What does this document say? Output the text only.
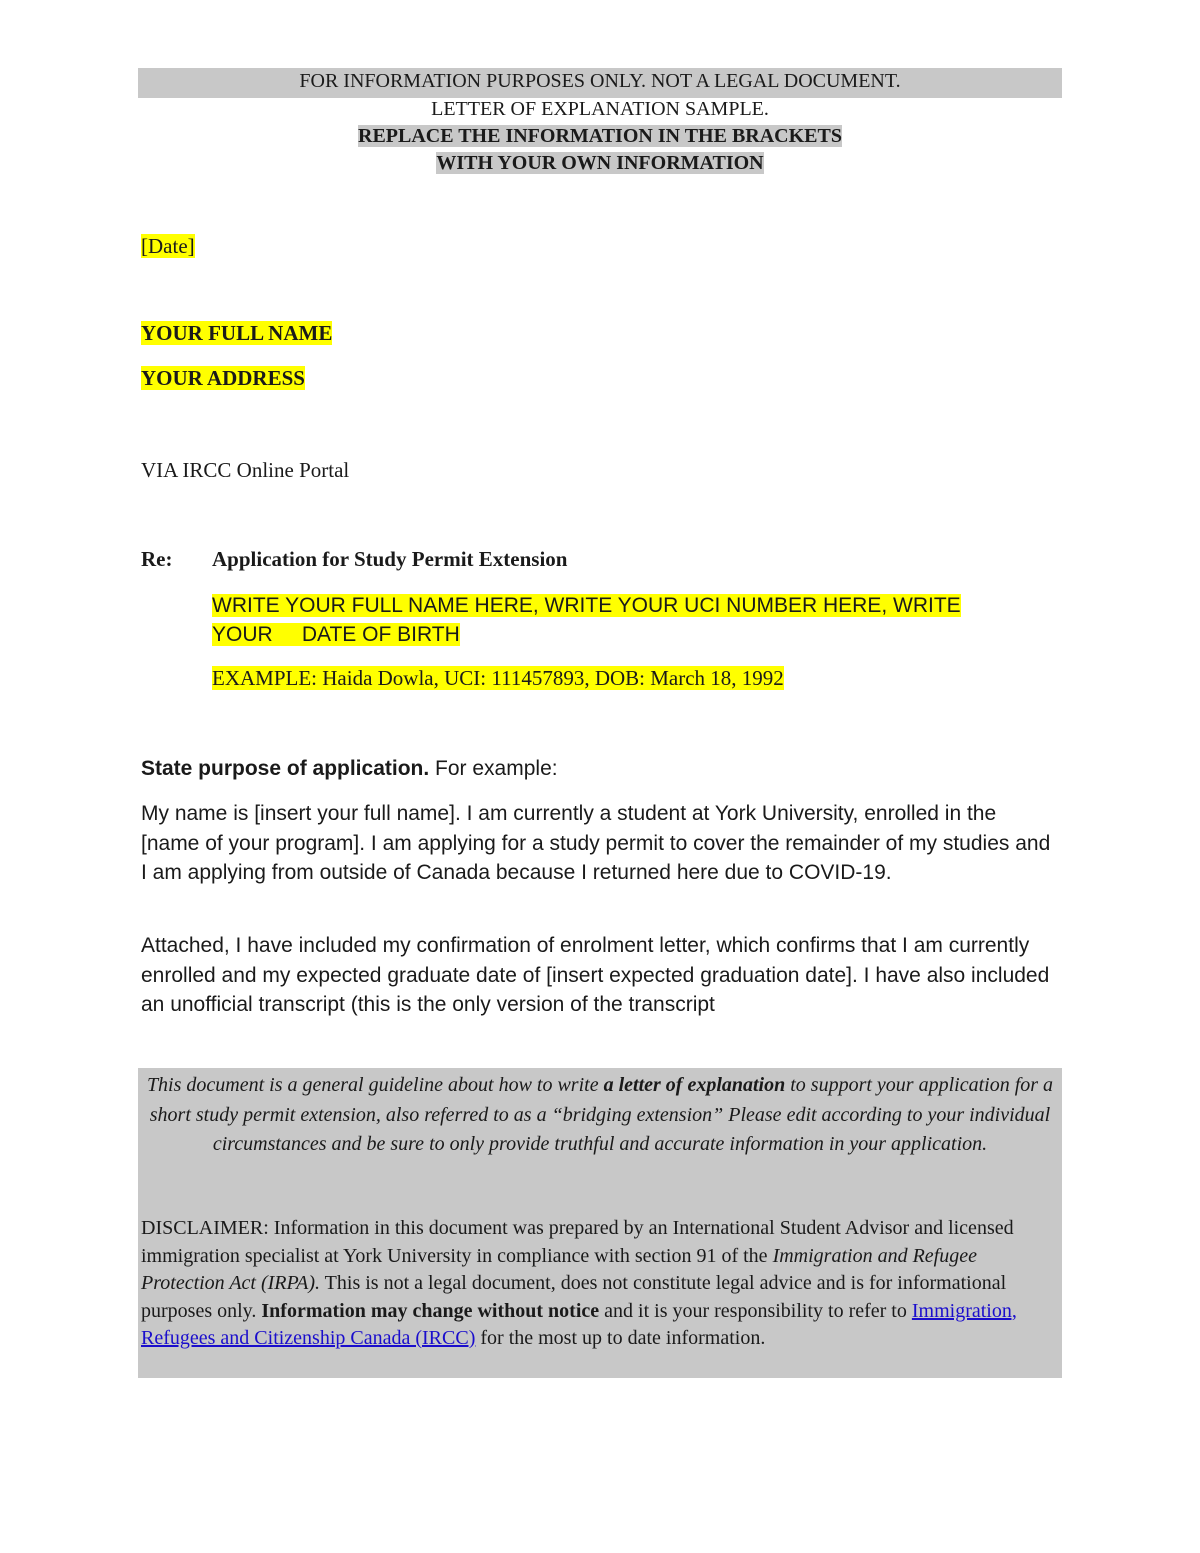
FOR INFORMATION PURPOSES ONLY. NOT A LEGAL DOCUMENT.
LETTER OF EXPLANATION SAMPLE.
REPLACE THE INFORMATION IN THE BRACKETS
WITH YOUR OWN INFORMATION
[Date]
YOUR FULL NAME
YOUR ADDRESS
VIA IRCC Online Portal
Re: Application for Study Permit Extension
WRITE YOUR FULL NAME HERE, WRITE YOUR UCI NUMBER HERE, WRITE
YOUR     DATE OF BIRTH
EXAMPLE: Haida Dowla, UCI: 111457893, DOB: March 18, 1992
State purpose of application. For example:
My name is [insert your full name]. I am currently a student at York University, enrolled in the [name of your program]. I am applying for a study permit to cover the remainder of my studies and I am applying from outside of Canada because I returned here due to COVID-19.
Attached, I have included my confirmation of enrolment letter, which confirms that I am currently enrolled and my expected graduate date of [insert expected graduation date]. I have also included an unofficial transcript (this is the only version of the transcript
This document is a general guideline about how to write a letter of explanation to support your application for a short study permit extension, also referred to as a “bridging extension” Please edit according to your individual circumstances and be sure to only provide truthful and accurate information in your application.
DISCLAIMER: Information in this document was prepared by an International Student Advisor and licensed immigration specialist at York University in compliance with section 91 of the Immigration and Refugee Protection Act (IRPA). This is not a legal document, does not constitute legal advice and is for informational purposes only. Information may change without notice and it is your responsibility to refer to Immigration, Refugees and Citizenship Canada (IRCC) for the most up to date information.
